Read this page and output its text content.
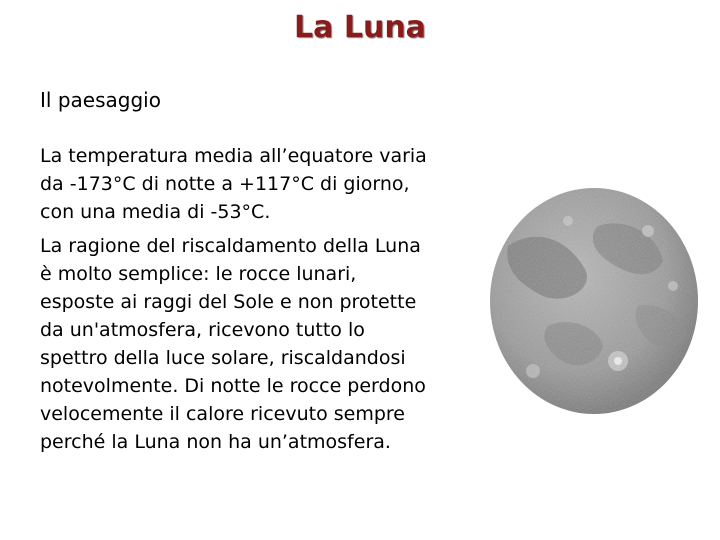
La Luna

Il paesaggio

La temperatura media all’equatore varia
da -173°C di notte a +117°C di giorno,
con una media di -53°C.

La ragione del riscaldamento della Luna
è molto semplice: le rocce lunari,
esposte ai raggi del Sole e non protette
da un'atmosfera, ricevono tutto lo
spettro della luce solare, riscaldandosi
notevolmente. Di notte le rocce perdono
velocemente il calore ricevuto sempre
perché la Luna non ha un’atmosfera.
